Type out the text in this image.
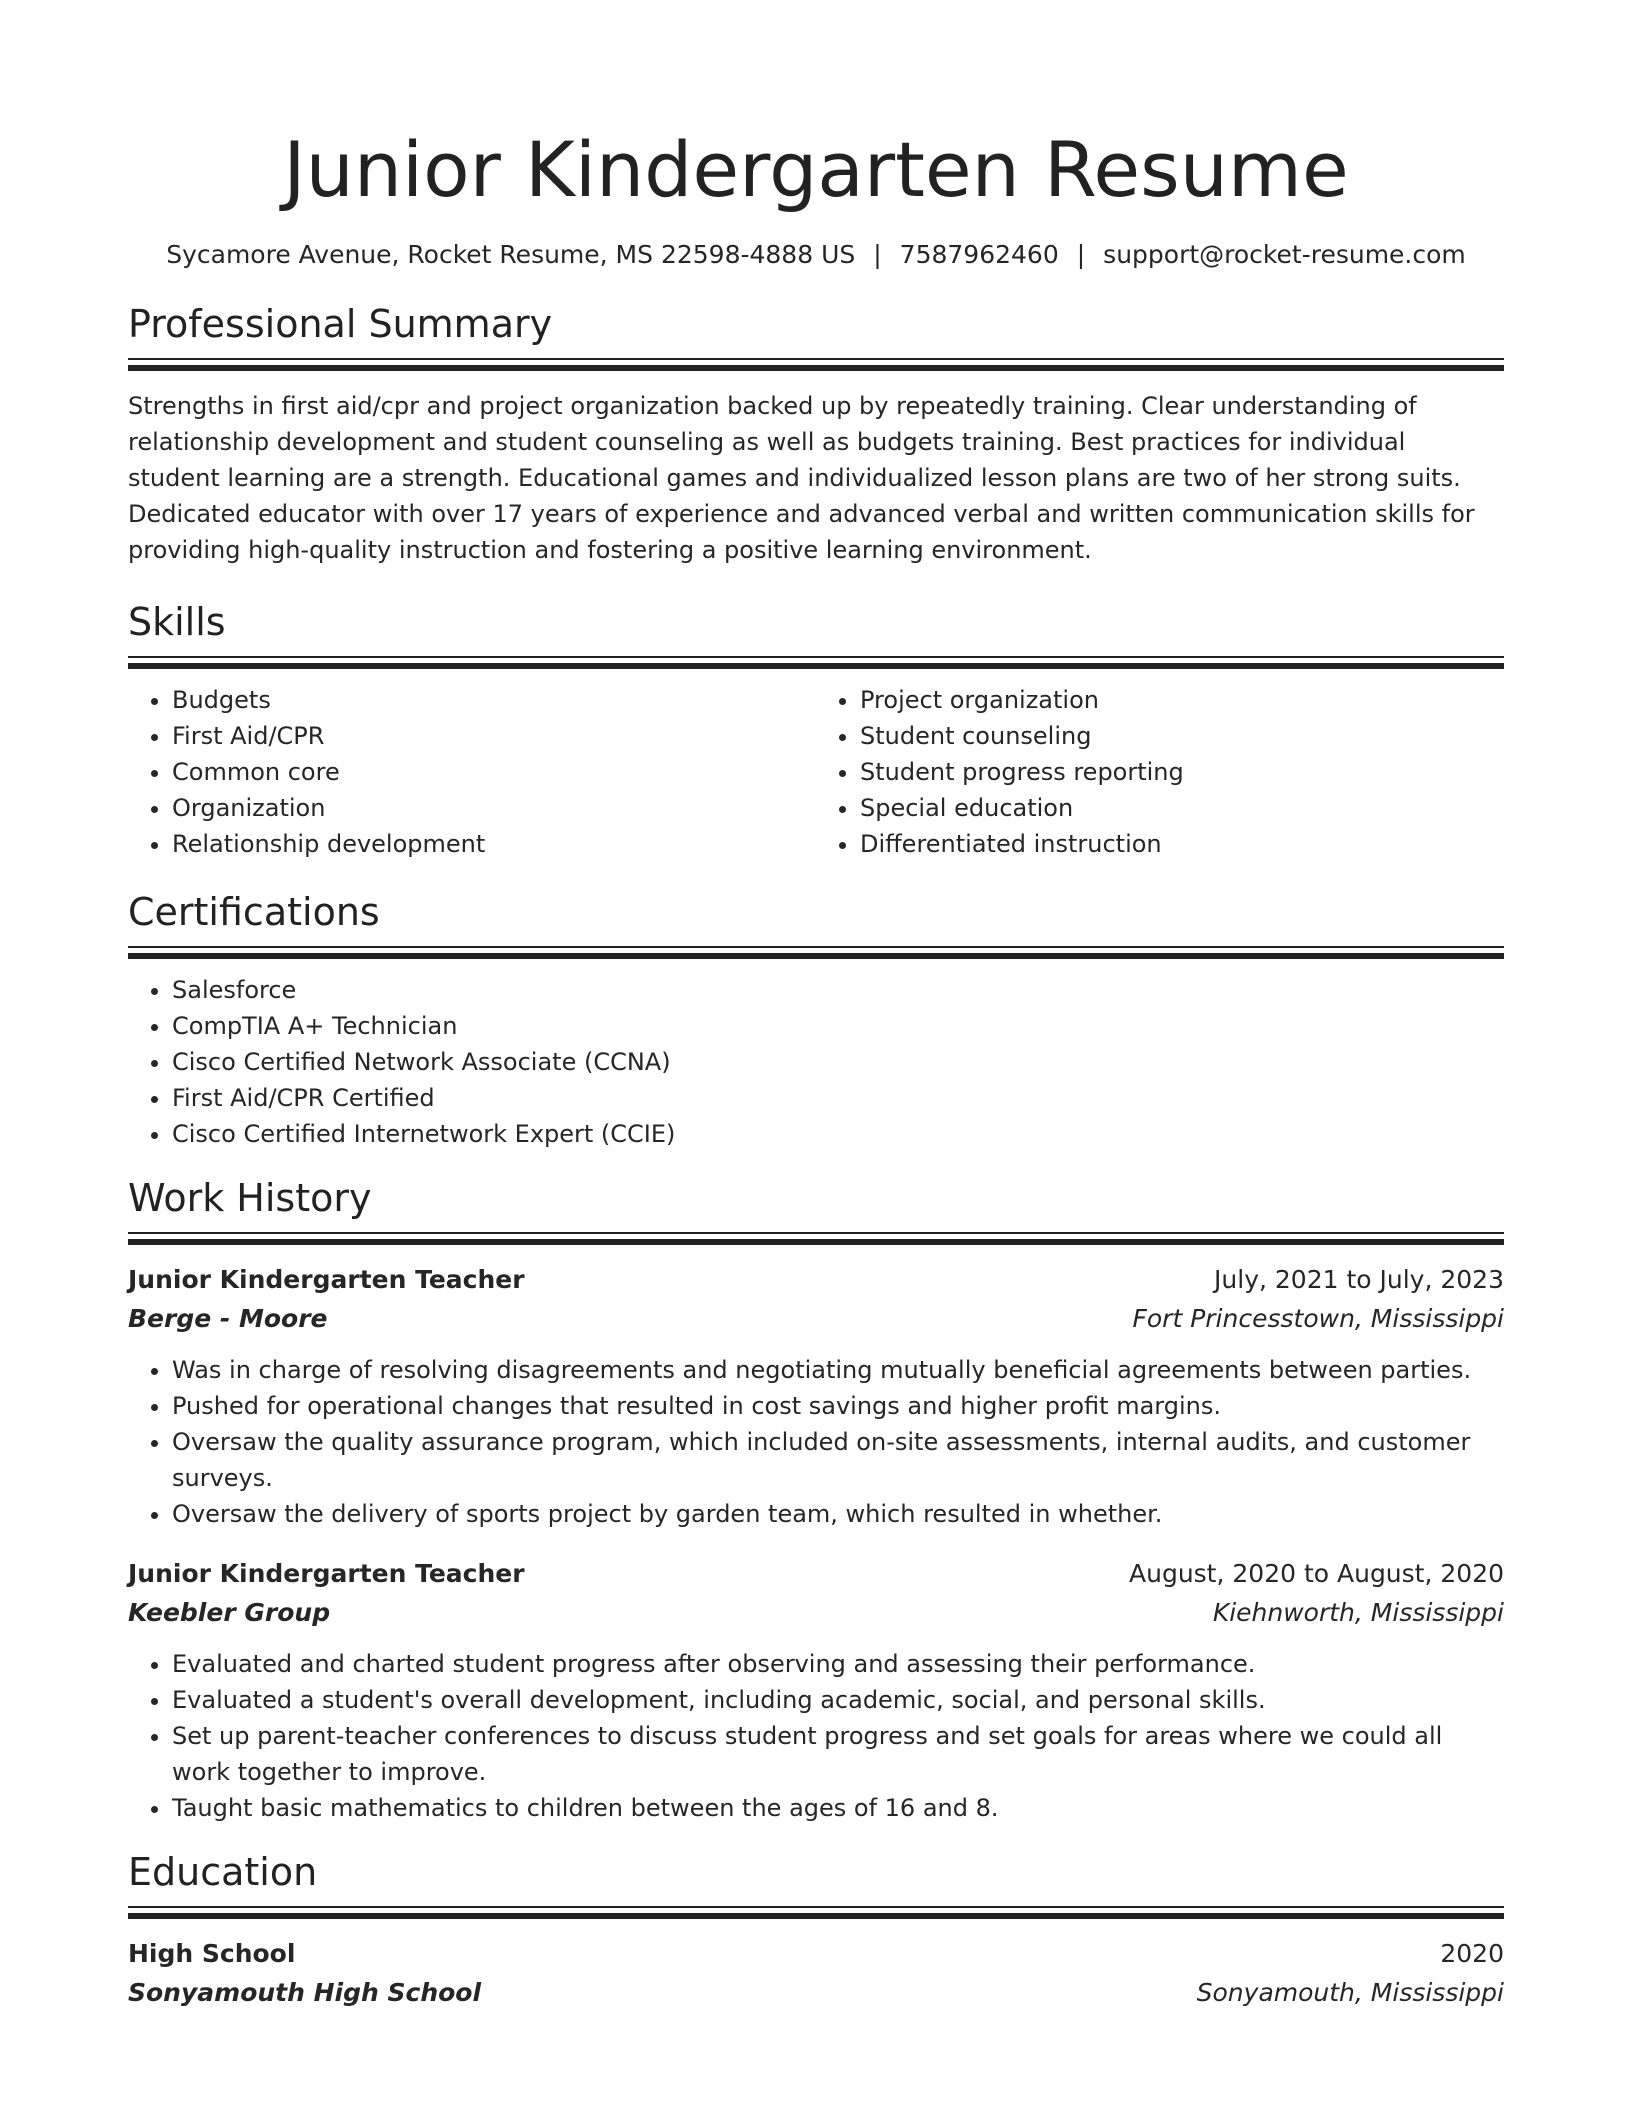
Junior Kindergarten Resume
Sycamore Avenue, Rocket Resume, MS 22598-4888 US | 7587962460 | support@rocket-resume.com
Professional Summary
Strengths in first aid/cpr and project organization backed up by repeatedly training. Clear understanding of relationship development and student counseling as well as budgets training. Best practices for individual student learning are a strength. Educational games and individualized lesson plans are two of her strong suits. Dedicated educator with over 17 years of experience and advanced verbal and written communication skills for providing high-quality instruction and fostering a positive learning environment.
Skills
• Budgets
• First Aid/CPR
• Common core
• Organization
• Relationship development
• Project organization
• Student counseling
• Student progress reporting
• Special education
• Differentiated instruction
Certifications
• Salesforce
• CompTIA A+ Technician
• Cisco Certified Network Associate (CCNA)
• First Aid/CPR Certified
• Cisco Certified Internetwork Expert (CCIE)
Work History
Junior Kindergarten Teacher	July, 2021 to July, 2023
Berge - Moore	Fort Princesstown, Mississippi
• Was in charge of resolving disagreements and negotiating mutually beneficial agreements between parties.
• Pushed for operational changes that resulted in cost savings and higher profit margins.
• Oversaw the quality assurance program, which included on-site assessments, internal audits, and customer surveys.
• Oversaw the delivery of sports project by garden team, which resulted in whether.
Junior Kindergarten Teacher	August, 2020 to August, 2020
Keebler Group	Kiehnworth, Mississippi
• Evaluated and charted student progress after observing and assessing their performance.
• Evaluated a student's overall development, including academic, social, and personal skills.
• Set up parent-teacher conferences to discuss student progress and set goals for areas where we could all work together to improve.
• Taught basic mathematics to children between the ages of 16 and 8.
Education
High School	2020
Sonyamouth High School	Sonyamouth, Mississippi
